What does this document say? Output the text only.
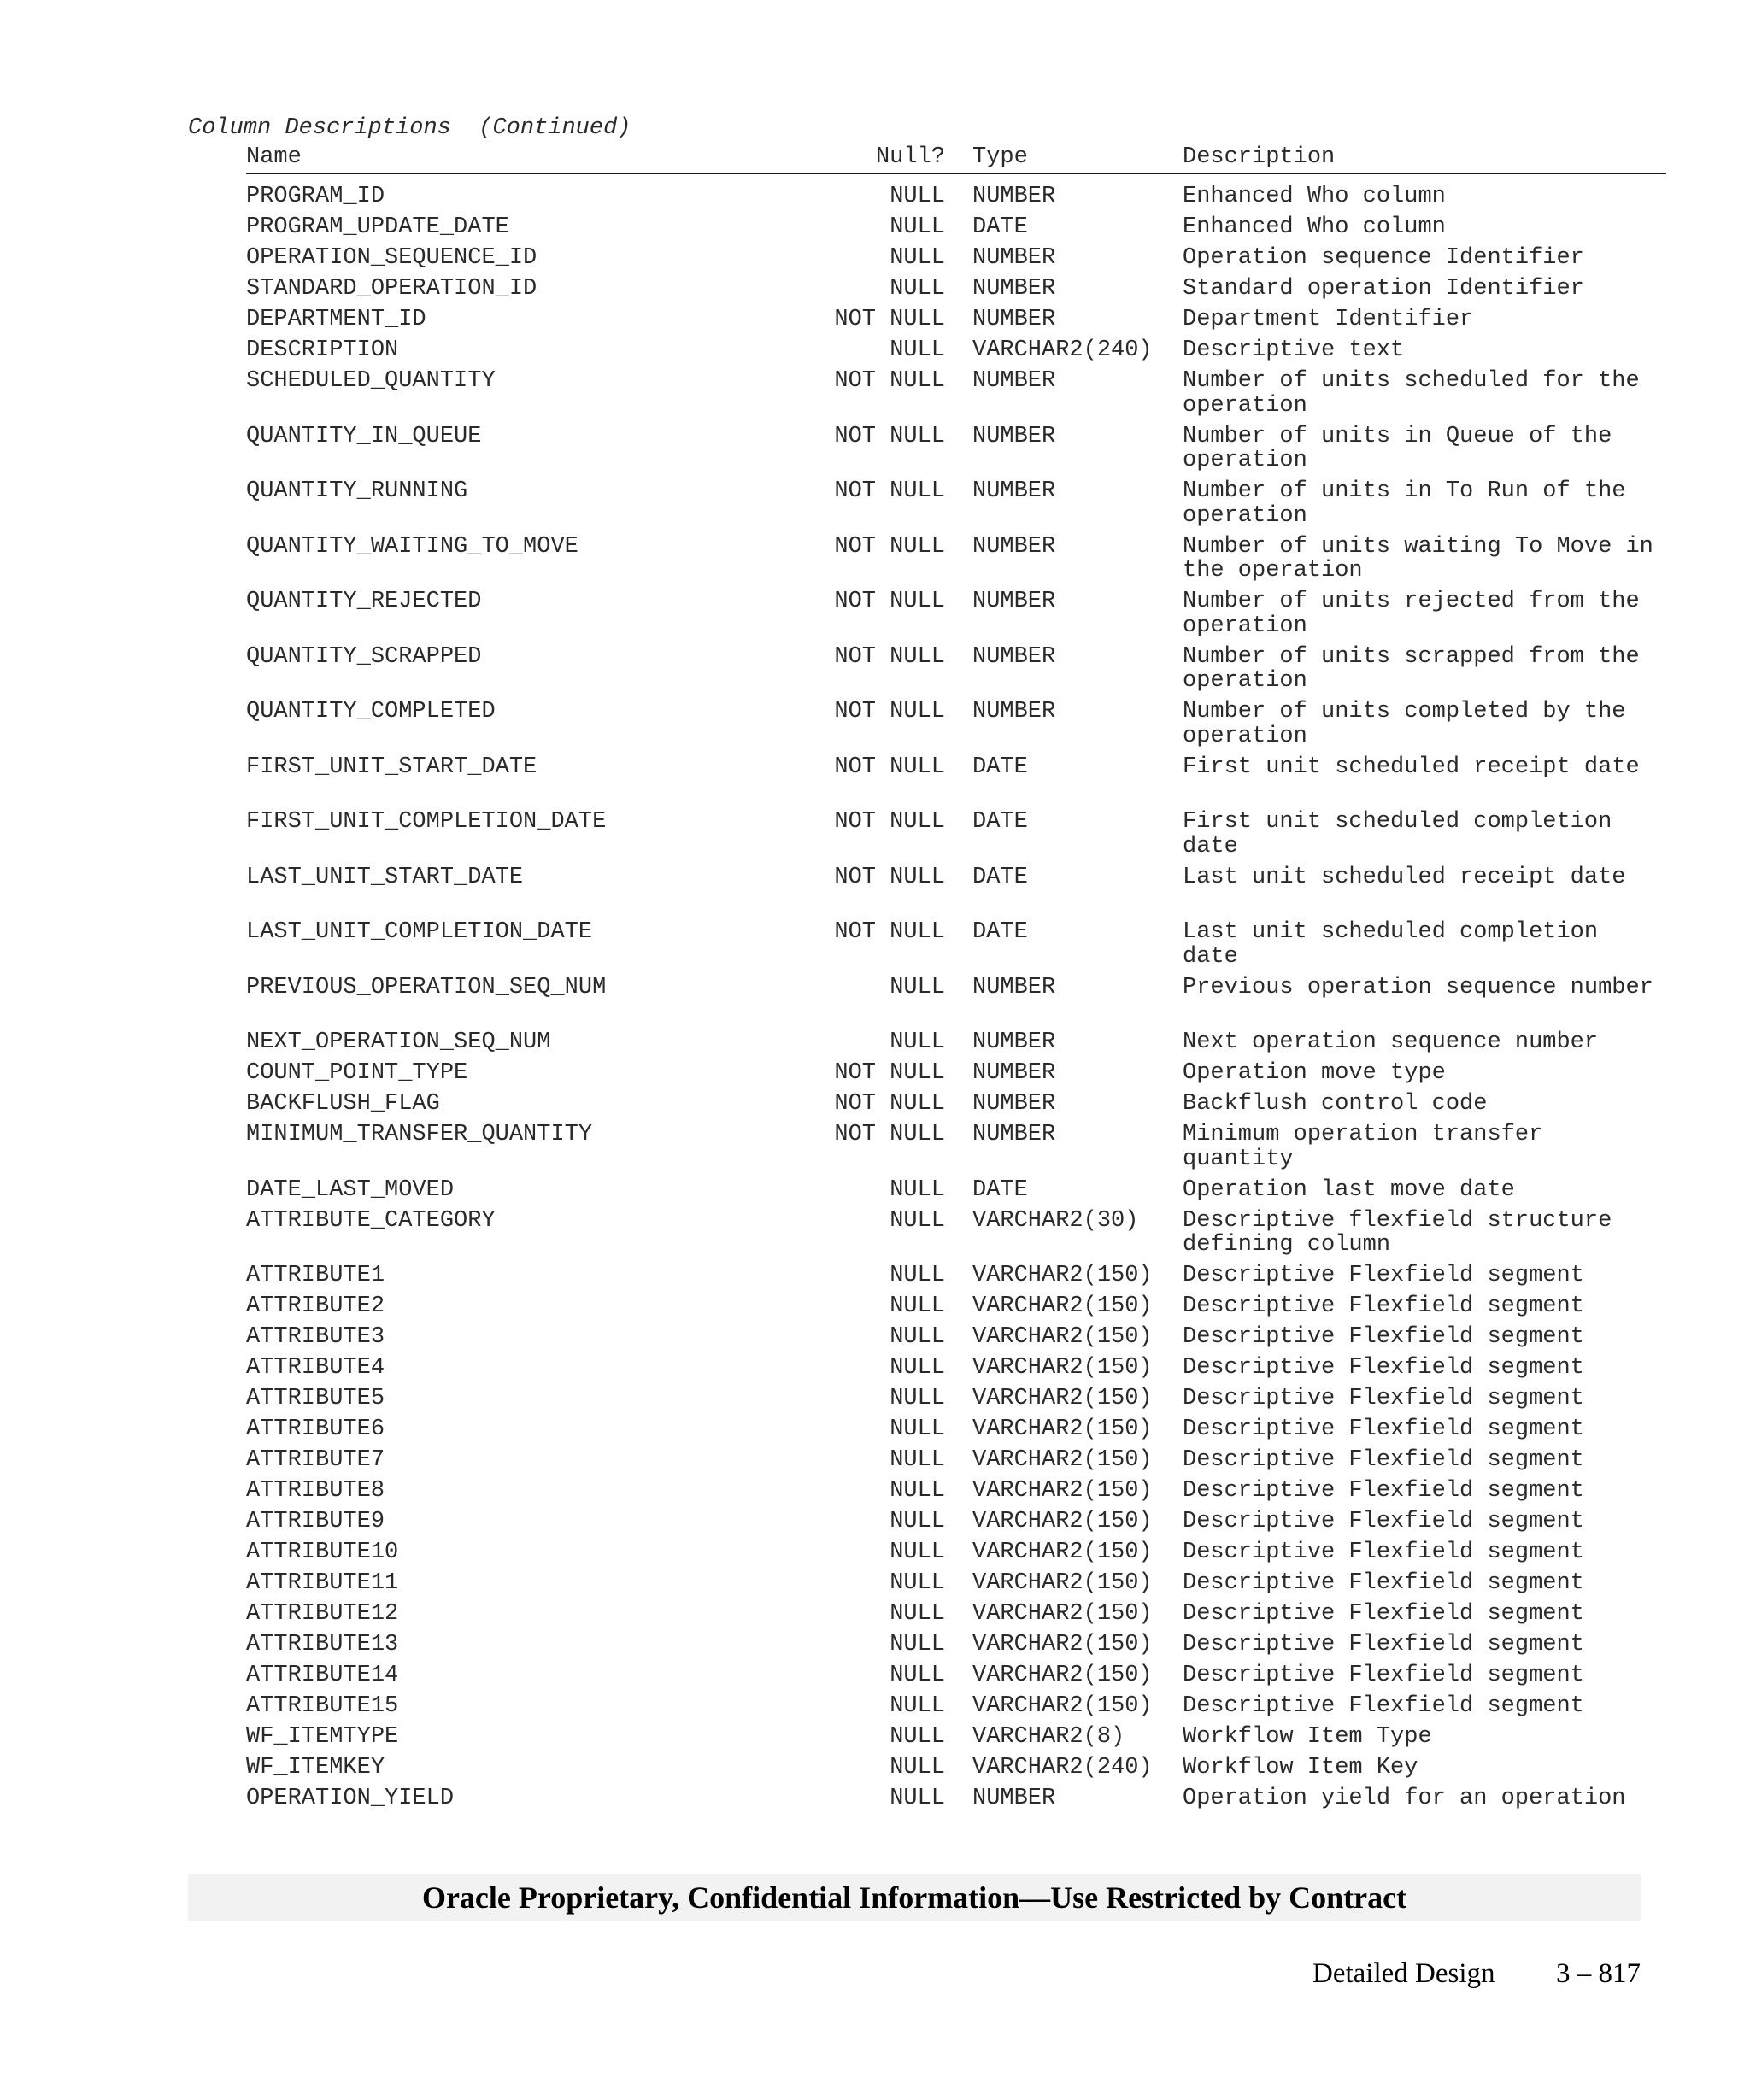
Column Descriptions  (Continued)
Name	Null? Type	Description
PROGRAM_ID	NULL NUMBER	Enhanced Who column
PROGRAM_UPDATE_DATE	NULL DATE	Enhanced Who column
OPERATION_SEQUENCE_ID	NULL NUMBER	Operation sequence Identifier
STANDARD_OPERATION_ID	NULL NUMBER	Standard operation Identifier
DEPARTMENT_ID	NOT NULL NUMBER	Department Identifier
DESCRIPTION	NULL VARCHAR2(240) Descriptive text
SCHEDULED_QUANTITY	NOT NULL NUMBER	Number of units scheduled for the operation
QUANTITY_IN_QUEUE	NOT NULL NUMBER	Number of units in Queue of the operation
QUANTITY_RUNNING	NOT NULL NUMBER	Number of units in To Run of the operation
QUANTITY_WAITING_TO_MOVE	NOT NULL NUMBER	Number of units waiting To Move in the operation
QUANTITY_REJECTED	NOT NULL NUMBER	Number of units rejected from the operation
QUANTITY_SCRAPPED	NOT NULL NUMBER	Number of units scrapped from the operation
QUANTITY_COMPLETED	NOT NULL NUMBER	Number of units completed by the operation
FIRST_UNIT_START_DATE	NOT NULL DATE	First unit scheduled receipt date
FIRST_UNIT_COMPLETION_DATE	NOT NULL DATE	First unit scheduled completion date
LAST_UNIT_START_DATE	NOT NULL DATE	Last unit scheduled receipt date
LAST_UNIT_COMPLETION_DATE	NOT NULL DATE	Last unit scheduled completion date
PREVIOUS_OPERATION_SEQ_NUM	NULL NUMBER	Previous operation sequence number
NEXT_OPERATION_SEQ_NUM	NULL NUMBER	Next operation sequence number
COUNT_POINT_TYPE	NOT NULL NUMBER	Operation move type
BACKFLUSH_FLAG	NOT NULL NUMBER	Backflush control code
MINIMUM_TRANSFER_QUANTITY	NOT NULL NUMBER	Minimum operation transfer quantity
DATE_LAST_MOVED	NULL DATE	Operation last move date
ATTRIBUTE_CATEGORY	NULL VARCHAR2(30) Descriptive flexfield structure defining column
ATTRIBUTE1	NULL VARCHAR2(150) Descriptive Flexfield segment
ATTRIBUTE2	NULL VARCHAR2(150) Descriptive Flexfield segment
ATTRIBUTE3	NULL VARCHAR2(150) Descriptive Flexfield segment
ATTRIBUTE4	NULL VARCHAR2(150) Descriptive Flexfield segment
ATTRIBUTE5	NULL VARCHAR2(150) Descriptive Flexfield segment
ATTRIBUTE6	NULL VARCHAR2(150) Descriptive Flexfield segment
ATTRIBUTE7	NULL VARCHAR2(150) Descriptive Flexfield segment
ATTRIBUTE8	NULL VARCHAR2(150) Descriptive Flexfield segment
ATTRIBUTE9	NULL VARCHAR2(150) Descriptive Flexfield segment
ATTRIBUTE10	NULL VARCHAR2(150) Descriptive Flexfield segment
ATTRIBUTE11	NULL VARCHAR2(150) Descriptive Flexfield segment
ATTRIBUTE12	NULL VARCHAR2(150) Descriptive Flexfield segment
ATTRIBUTE13	NULL VARCHAR2(150) Descriptive Flexfield segment
ATTRIBUTE14	NULL VARCHAR2(150) Descriptive Flexfield segment
ATTRIBUTE15	NULL VARCHAR2(150) Descriptive Flexfield segment
WF_ITEMTYPE	NULL VARCHAR2(8)	Workflow Item Type
WF_ITEMKEY	NULL VARCHAR2(240) Workflow Item Key
OPERATION_YIELD	NULL NUMBER	Operation yield for an operation
Oracle Proprietary, Confidential Information––Use Restricted by Contract
Detailed Design 3 – 817
